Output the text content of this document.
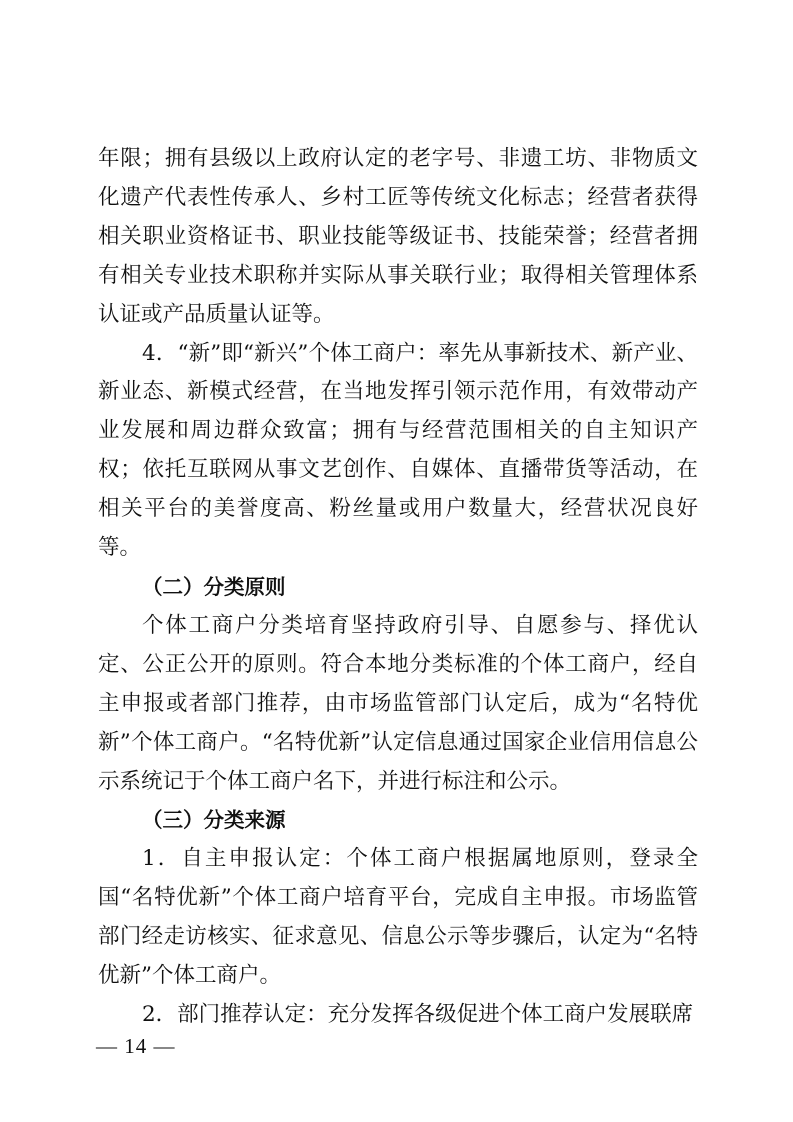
年限；拥有县级以上政府认定的老字号、非遗工坊、非物质文化遗产代表性传承人、乡村工匠等传统文化标志；经营者获得相关职业资格证书、职业技能等级证书、技能荣誉；经营者拥有相关专业技术职称并实际从事关联行业；取得相关管理体系认证或产品质量认证等。

4．“新”即“新兴”个体工商户：率先从事新技术、新产业、新业态、新模式经营，在当地发挥引领示范作用，有效带动产业发展和周边群众致富；拥有与经营范围相关的自主知识产权；依托互联网从事文艺创作、自媒体、直播带货等活动，在相关平台的美誉度高、粉丝量或用户数量大，经营状况良好等。

（二）分类原则

个体工商户分类培育坚持政府引导、自愿参与、择优认定、公正公开的原则。符合本地分类标准的个体工商户，经自主申报或者部门推荐，由市场监管部门认定后，成为“名特优新”个体工商户。“名特优新”认定信息通过国家企业信用信息公示系统记于个体工商户名下，并进行标注和公示。

（三）分类来源

1．自主申报认定：个体工商户根据属地原则，登录全国“名特优新”个体工商户培育平台，完成自主申报。市场监管部门经走访核实、征求意见、信息公示等步骤后，认定为“名特优新”个体工商户。

2．部门推荐认定：充分发挥各级促进个体工商户发展联席

— 14 —
